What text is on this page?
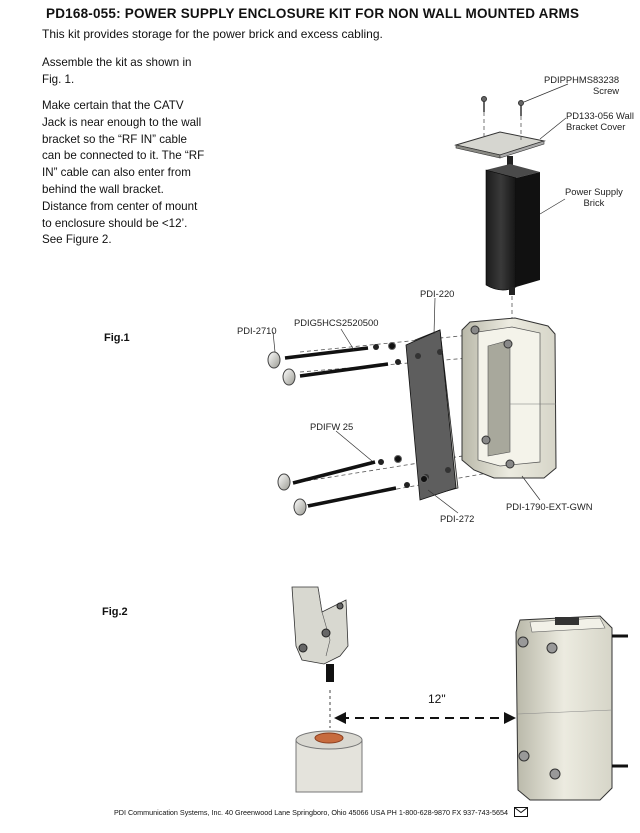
PD168-055: POWER SUPPLY ENCLOSURE KIT FOR NON WALL MOUNTED ARMS
This kit provides storage for the power brick and excess cabling.
Assemble the kit as shown in
Fig. 1.
Make certain that the CATV
Jack is near enough to the wall
bracket so the “RF IN” cable
can be connected to it. The “RF
IN” cable can also enter from
behind the wall bracket.
Distance from center of mount
to enclosure should be <12’.
See Figure 2.
Fig.1
PDIPPHMS83238
Screw
PD133-056 Wall
Bracket Cover
Power Supply
Brick
PDI-220
PDIG5HCS2520500
PDI-2710
PDIFW 25
PDI-1790-EXT-GWN
PDI-272
Fig.2
12"
PDI Communication Systems, Inc. 40 Greenwood Lane Springboro, Ohio 45066 USA PH 1-800-628-9870 FX 937-743-5654
